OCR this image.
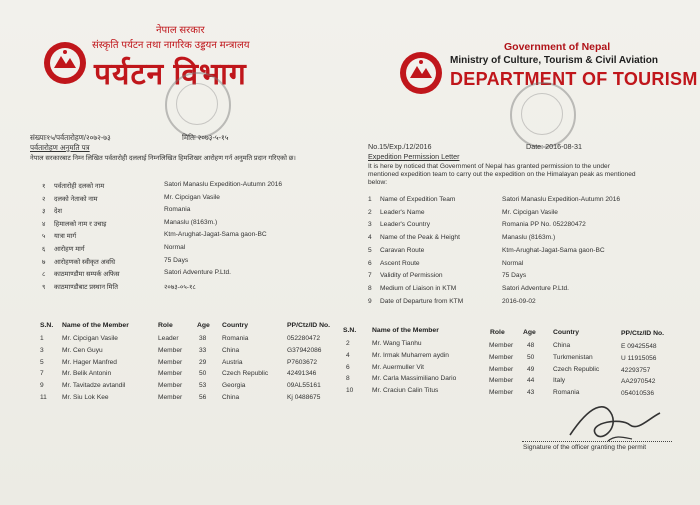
नेपाल सरकार
संस्कृति पर्यटन तथा नागरिक उड्डयन मन्त्रालय
पर्यटन विभाग
Government of Nepal
Ministry of Culture, Tourism & Civil Aviation
DEPARTMENT OF TOURISM
संख्याः१५/पर्वतारोहण/२०७२-७३	मितिः २०७३-५-१५
पर्वतारोहण अनुमति पत्र
नेपाल सरकारबाट निम्न लिखित पर्वतारोही दललाई निम्नलिखित हिमशिखर आरोहण गर्न अनुमति प्रदान गरिएको छ।
No.15/Exp./12/2016	Date: 2016-08-31
Expedition Permission Letter
It is here by noticed that Government of Nepal has granted permission to the under
mentioned expedition team to carry out the expedition on the Himalayan peak as mentioned
below:
१ पर्वतारोही दलको नाम	Satori Manaslu Expedition-Autumn 2016
२ दलको नेताको नाम	Mr. Cipcigan Vasile
३ देश	Romania
४ हिमालको नाम र उचाइ	Manaslu (8163m.)
५ यात्रा मार्ग	Ktm-Arughat-Jagat-Sama gaon-BC
६ आरोहण मार्ग	Normal
७ आरोहणको स्वीकृत अवधि	75 Days
८ काठमाण्डौमा सम्पर्क अफिस	Satori Adventure P.Ltd.
९ काठमाण्डौबाट प्रस्थान मिति	२०७३-०५-१८
1 Name of Expedition Team	Satori Manaslu Expedition-Autumn 2016
2 Leader's Name	Mr. Cipcigan Vasile
3 Leader's Country	Romania PP No. 052280472
4 Name of the Peak & Height	Manaslu (8163m.)
5 Caravan Route	Ktm-Arughat-Jagat-Sama gaon-BC
6 Ascent Route	Normal
7 Validity of Permission	75 Days
8 Medium of Liaison in KTM	Satori Adventure P.Ltd.
9 Date of Departure from KTM	2016-09-02
S.N. Name of the Member	Role	Age Country	PP/Ctz/ID No.
S.N. Name of the Member	Role	Age	Country	PP/Ctz/ID No.
1	Mr. Cipcigan Vasile	Leader	38 Romania	052280472
3	Mr. Cen Guyu	Member	33 China	G37942086
5	Mr. Hager Manfred	Member	29 Austria	P7603672
7	Mr. Belik Antonin	Member	50 Czech Republic	42491346
9	Mr. Tavitadze avtandil	Member	53 Georgia	09AL55161
11 Mr. Siu Lok Kee	Member	56 China	Kj 0488675
2	Mr. Wang Tianhu	Member 48	China	E 09425548
4	Mr. Irmak Muharrem aydin	Member 50	Turkmenistan	U 11915056
6	Mr. Auermuller Vit	Member 49	Czech Republic	42293757
8	Mr. Carla Massimiliano Dario	Member 44	Italy	AA2970542
10	Mr. Craciun Calin Titus	Member 43	Romania	054010536
Signature of the officer granting the permit
